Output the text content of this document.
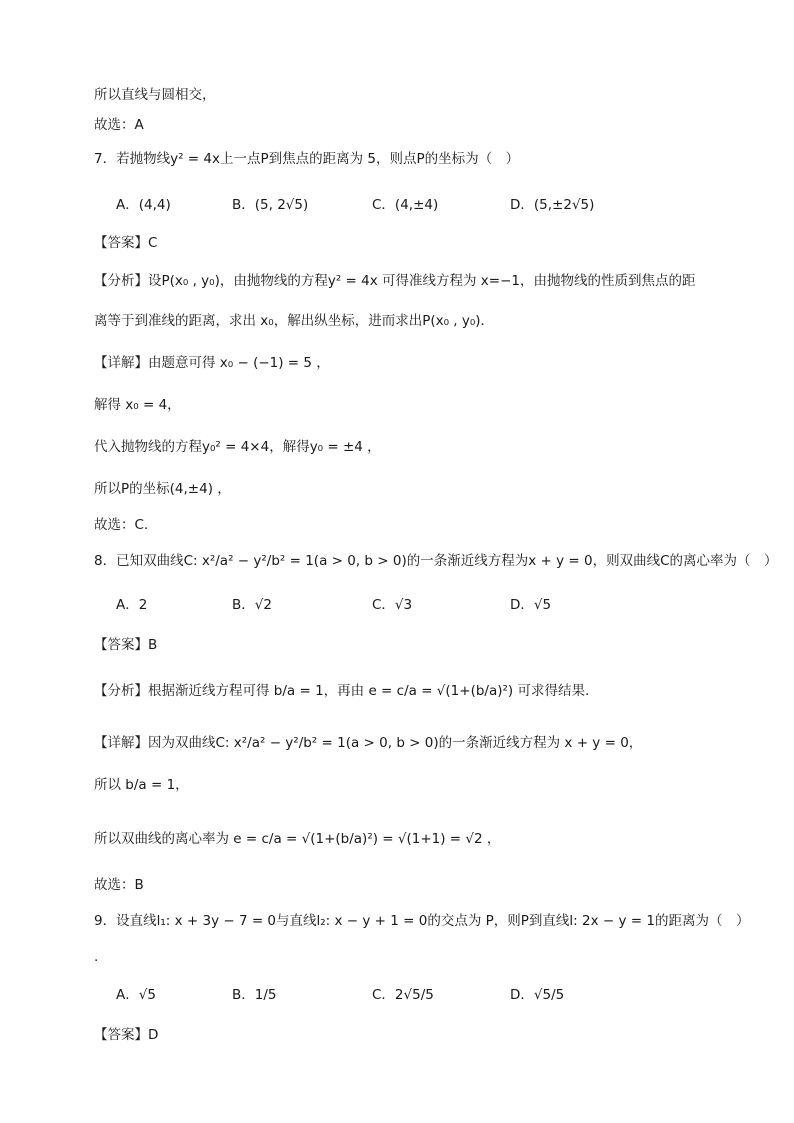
所以直线与圆相交，
故选：A
7．若抛物线y² = 4x上一点P到焦点的距离为 5，则点P的坐标为（　）
A．(4,4)	B．(5, 2√5)	C．(4,±4)	D．(5,±2√5)
【答案】C
【分析】设P(x₀ , y₀)，由抛物线的方程y² = 4x 可得准线方程为 x=−1，由抛物线的性质到焦点的距
离等于到准线的距离，求出 x₀，解出纵坐标，进而求出P(x₀ , y₀)．
【详解】由题意可得 x₀ − (−1) = 5 ，
解得 x₀ = 4，
代入抛物线的方程y₀² = 4×4，解得y₀ = ±4 ，
所以P的坐标(4,±4) ，
故选：C.
8．已知双曲线C: x²/a² − y²/b² = 1(a > 0, b > 0)的一条渐近线方程为x + y = 0，则双曲线C的离心率为（　）
A．2	B．√2	C．√3	D．√5
【答案】B
【分析】根据渐近线方程可得 b/a = 1，再由 e = c/a = √(1+(b/a)²) 可求得结果.
【详解】因为双曲线C: x²/a² − y²/b² = 1(a > 0, b > 0)的一条渐近线方程为 x + y = 0，
所以 b/a = 1，
所以双曲线的离心率为 e = c/a = √(1+(b/a)²) = √(1+1) = √2 ，
故选：B
9．设直线l₁: x + 3y − 7 = 0与直线l₂: x − y + 1 = 0的交点为 P，则P到直线l: 2x − y = 1的距离为（　）
.
A．√5	B．1/5	C．2√5/5	D．√5/5
【答案】D
